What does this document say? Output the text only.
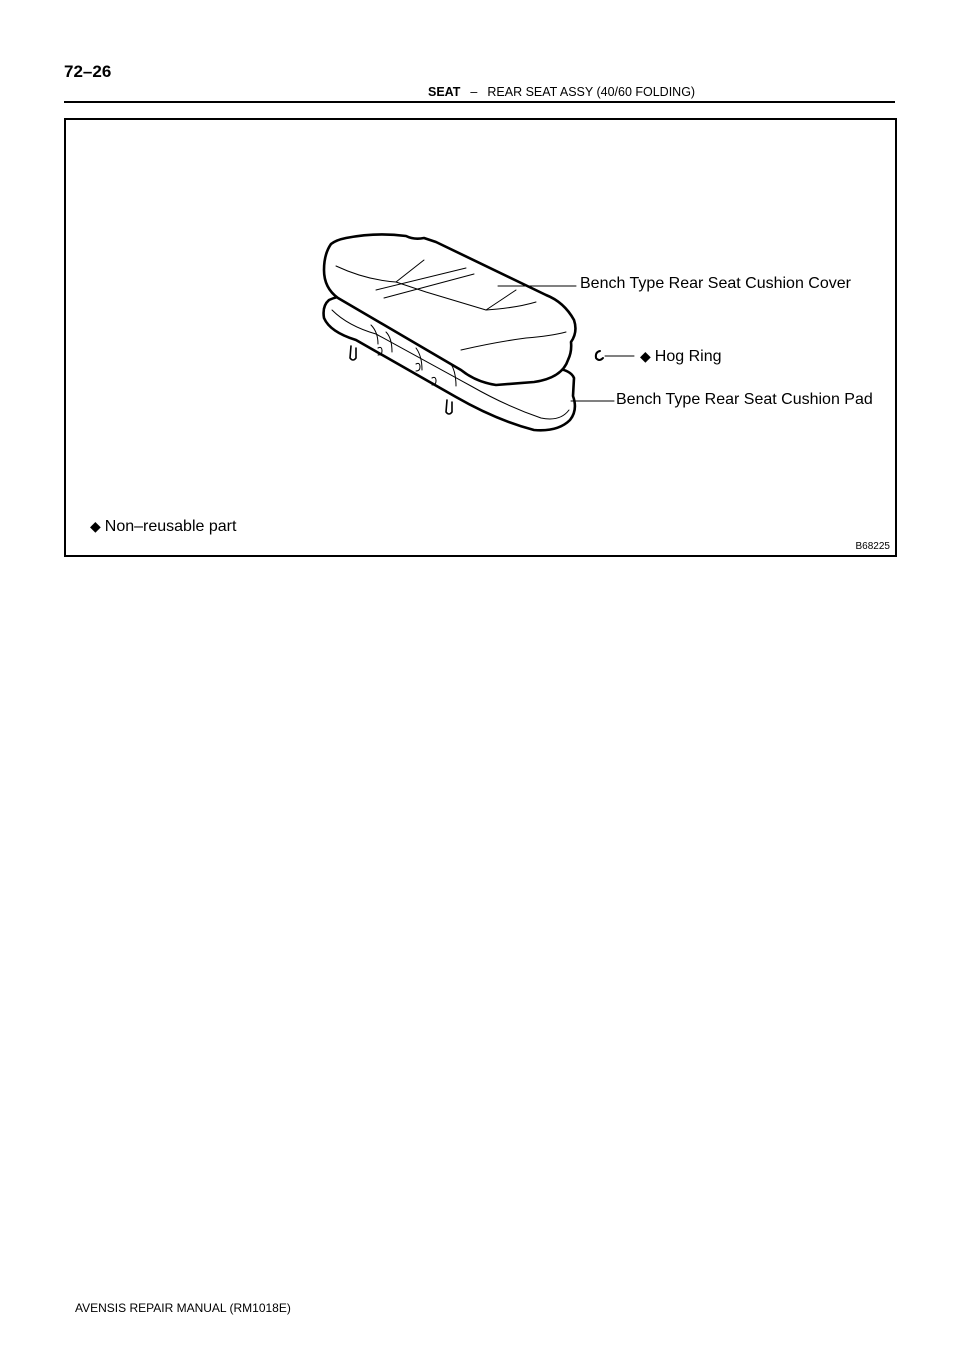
72–26
SEAT – REAR SEAT ASSY (40/60 FOLDING)
Bench Type Rear Seat Cushion Cover
◆ Hog Ring
Bench Type Rear Seat Cushion Pad
◆ Non–reusable part
B68225
AVENSIS REPAIR MANUAL (RM1018E)
